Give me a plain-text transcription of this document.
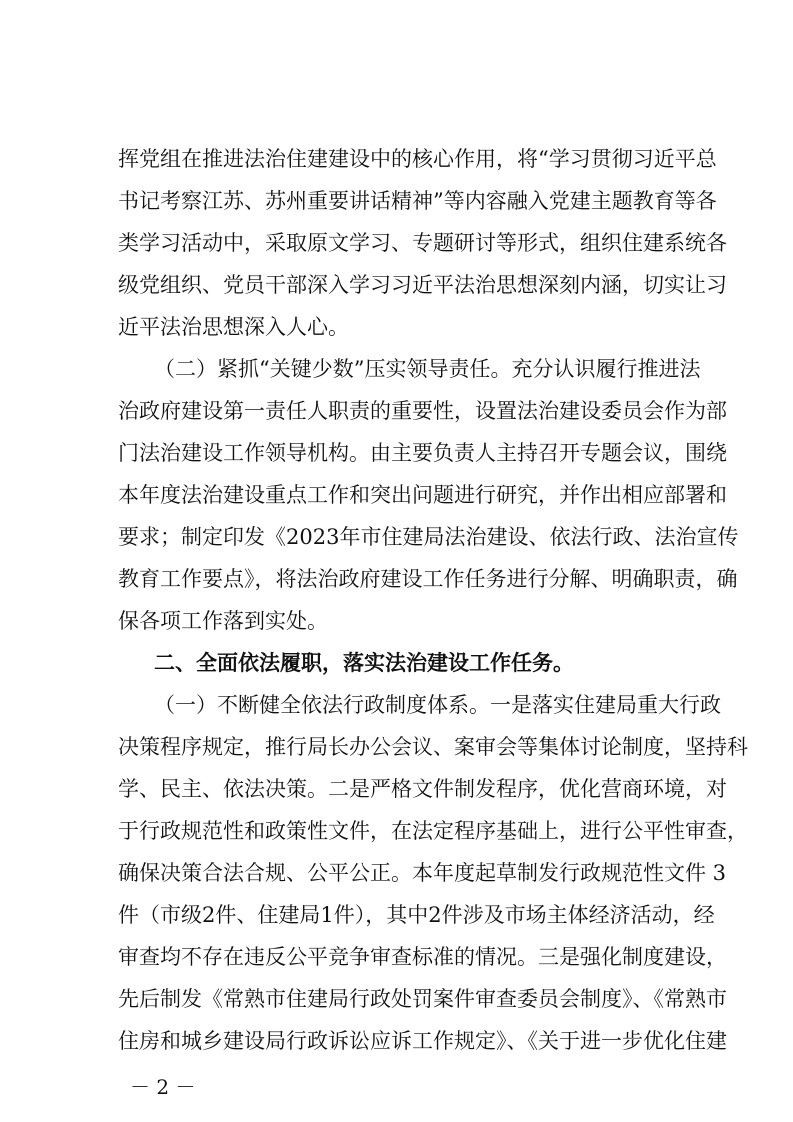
挥党组在推进法治住建建设中的核心作用，将“学习贯彻习近平总
书记考察江苏、苏州重要讲话精神”等内容融入党建主题教育等各
类学习活动中，采取原文学习、专题研讨等形式，组织住建系统各
级党组织、党员干部深入学习习近平法治思想深刻内涵，切实让习
近平法治思想深入人心。
（二）紧抓“关键少数”压实领导责任。充分认识履行推进法
治政府建设第一责任人职责的重要性，设置法治建设委员会作为部
门法治建设工作领导机构。由主要负责人主持召开专题会议，围绕
本年度法治建设重点工作和突出问题进行研究，并作出相应部署和
要求；制定印发《2023年市住建局法治建设、依法行政、法治宣传
教育工作要点》，将法治政府建设工作任务进行分解、明确职责，确
保各项工作落到实处。
二、全面依法履职，落实法治建设工作任务。
（一）不断健全依法行政制度体系。一是落实住建局重大行政
决策程序规定，推行局长办公会议、案审会等集体讨论制度，坚持科
学、民主、依法决策。二是严格文件制发程序，优化营商环境，对
于行政规范性和政策性文件，在法定程序基础上，进行公平性审查，
确保决策合法合规、公平公正。本年度起草制发行政规范性文件 3
件（市级2件、住建局1件），其中2件涉及市场主体经济活动，经
审查均不存在违反公平竞争审查标准的情况。三是强化制度建设，
先后制发《常熟市住建局行政处罚案件审查委员会制度》、《常熟市
住房和城乡建设局行政诉讼应诉工作规定》、《关于进一步优化住建
－ 2 －
